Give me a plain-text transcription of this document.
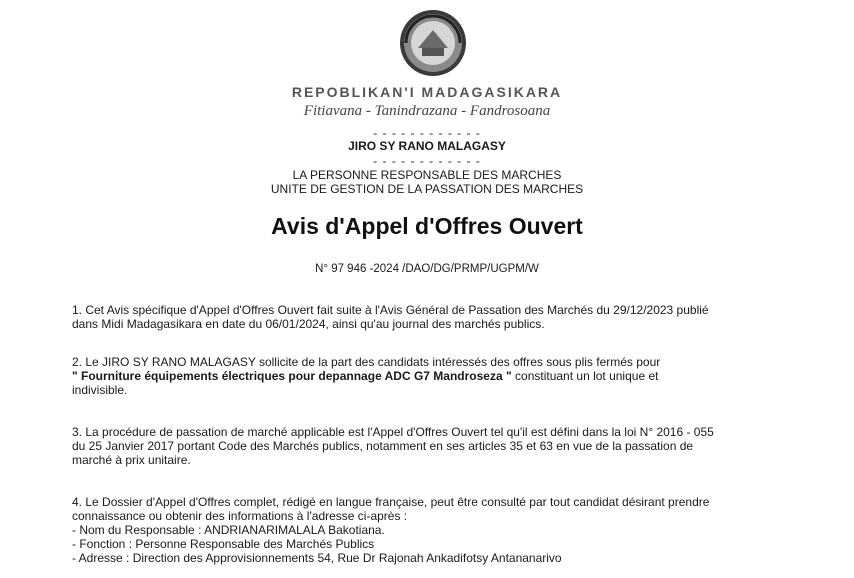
REPOBLIKAN'I MADAGASIKARA
Fitiavana - Tanindrazana - Fandrosoana
- - - - - - - - - - - -
JIRO SY RANO MALAGASY
- - - - - - - - - - - -
LA PERSONNE RESPONSABLE DES MARCHES
UNITE DE GESTION DE LA PASSATION DES MARCHES
Avis d'Appel d'Offres Ouvert
N° 97 946 -2024 /DAO/DG/PRMP/UGPM/W
1. Cet Avis spécifique d'Appel d'Offres Ouvert fait suite à l'Avis Général de Passation des Marchés du 29/12/2023 publié
dans Midi Madagasikara en date du 06/01/2024, ainsi qu'au journal des marchés publics.
2. Le JIRO SY RANO MALAGASY sollicite de la part des candidats intéressés des offres sous plis fermés pour
" Fourniture équipements électriques pour depannage ADC G7 Mandroseza " constituant un lot unique et
indivisible.
3. La procédure de passation de marché applicable est l'Appel d'Offres Ouvert tel qu'il est défini dans la loi N° 2016 - 055
du 25 Janvier 2017 portant Code des Marchés publics, notamment en ses articles 35 et 63 en vue de la passation de
marché à prix unitaire.
4. Le Dossier d'Appel d'Offres complet, rédigé en langue française, peut être consulté par tout candidat désirant prendre
connaissance ou obtenir des informations à l'adresse ci-après :
- Nom du Responsable : ANDRIANARIMALALA Bakotiana.
- Fonction : Personne Responsable des Marchés Publics
- Adresse : Direction des Approvisionnements 54, Rue Dr Rajonah Ankadifotsy Antananarivo
